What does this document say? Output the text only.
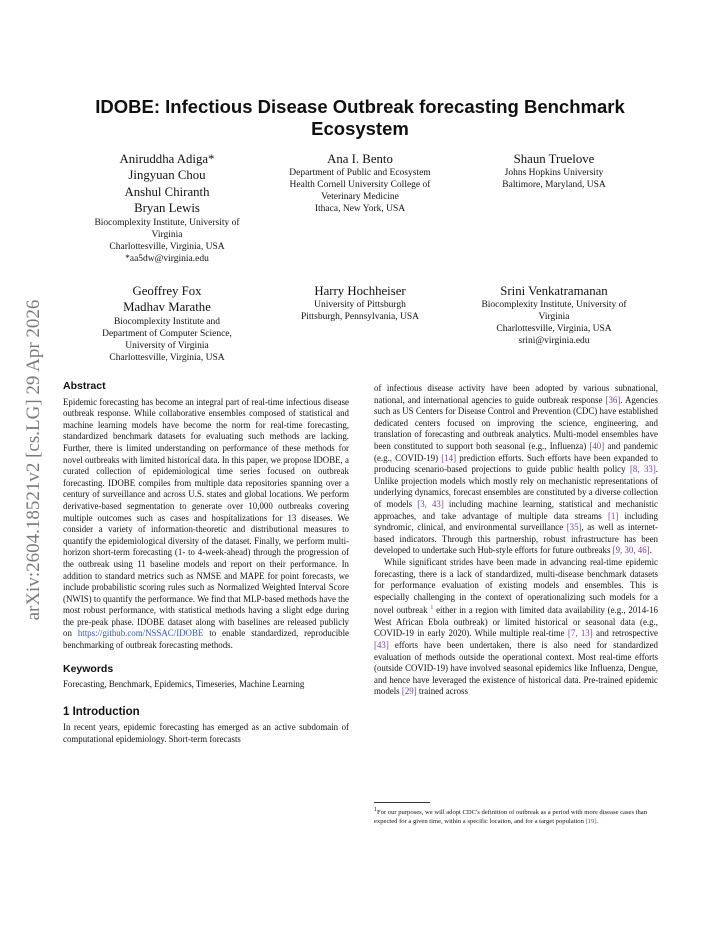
arXiv:2604.18521v2 [cs.LG] 29 Apr 2026
IDOBE: Infectious Disease Outbreak forecasting Benchmark Ecosystem
Aniruddha Adiga*
Jingyuan Chou
Anshul Chiranth
Bryan Lewis
Biocomplexity Institute, University of
Virginia
Charlottesville, Virginia, USA
*aa5dw@virginia.edu
Ana I. Bento
Department of Public and Ecosystem
Health Cornell University College of
Veterinary Medicine
Ithaca, New York, USA
Shaun Truelove
Johns Hopkins University
Baltimore, Maryland, USA
Geoffrey Fox
Madhav Marathe
Biocomplexity Institute and
Department of Computer Science,
University of Virginia
Charlottesville, Virginia, USA
Harry Hochheiser
University of Pittsburgh
Pittsburgh, Pennsylvania, USA
Srini Venkatramanan
Biocomplexity Institute, University of
Virginia
Charlottesville, Virginia, USA
srini@virginia.edu
Abstract

Epidemic forecasting has become an integral part of real-time infectious disease outbreak response. While collaborative ensembles composed of statistical and machine learning models have become the norm for real-time forecasting, standardized benchmark datasets for evaluating such methods are lacking. Further, there is limited understanding on performance of these methods for novel outbreaks with limited historical data. In this paper, we propose IDOBE, a curated collection of epidemiological time series focused on outbreak forecasting. IDOBE compiles from multiple data repositories spanning over a century of surveillance and across U.S. states and global locations. We perform derivative-based segmentation to generate over 10,000 outbreaks covering multiple outcomes such as cases and hospitalizations for 13 diseases. We consider a variety of information-theoretic and distributional measures to quantify the epidemiological diversity of the dataset. Finally, we perform multi-horizon short-term forecasting (1- to 4-week-ahead) through the progression of the outbreak using 11 baseline models and report on their performance. In addition to standard metrics such as NMSE and MAPE for point forecasts, we include probabilistic scoring rules such as Normalized Weighted Interval Score (NWIS) to quantify the performance. We find that MLP-based methods have the most robust performance, with statistical methods having a slight edge during the pre-peak phase. IDOBE dataset along with baselines are released publicly on https://github.com/NSSAC/IDOBE to enable standardized, reproducible benchmarking of outbreak forecasting methods.

Keywords

Forecasting, Benchmark, Epidemics, Timeseries, Machine Learning

1 Introduction

In recent years, epidemic forecasting has emerged as an active subdomain of computational epidemiology. Short-term forecasts

of infectious disease activity have been adopted by various subnational, national, and international agencies to guide outbreak response [36]. Agencies such as US Centers for Disease Control and Prevention (CDC) have established dedicated centers focused on improving the science, engineering, and translation of forecasting and outbreak analytics. Multi-model ensembles have been constituted to support both seasonal (e.g., Influenza) [40] and pandemic (e.g., COVID-19) [14] prediction efforts. Such efforts have been expanded to producing scenario-based projections to guide public health policy [8, 33]. Unlike projection models which mostly rely on mechanistic representations of underlying dynamics, forecast ensembles are constituted by a diverse collection of models [3, 43] including machine learning, statistical and mechanistic approaches, and take advantage of multiple data streams [1] including syndromic, clinical, and environmental surveillance [35], as well as internet-based indicators. Through this partnership, robust infrastructure has been developed to undertake such Hub-style efforts for future outbreaks [9, 30, 46].

While significant strides have been made in advancing real-time epidemic forecasting, there is a lack of standardized, multi-disease benchmark datasets for performance evaluation of existing models and ensembles. This is especially challenging in the context of operationalizing such models for a novel outbreak $^1$ either in a region with limited data availability (e.g., 2014-16 West African Ebola outbreak) or limited historical or seasonal data (e.g., COVID-19 in early 2020). While multiple real-time [7, 13] and retrospective [43] efforts have been undertaken, there is also need for standardized evaluation of methods outside the operational context. Most real-time efforts (outside COVID-19) have involved seasonal epidemics like Influenza, Dengue, and hence have leveraged the existence of historical data. Pre-trained epidemic models [29] trained across

$^1$For our purposes, we will adopt CDC's definition of outbreak as a period with more disease cases than expected for a given time, within a specific location, and for a target population [19].
